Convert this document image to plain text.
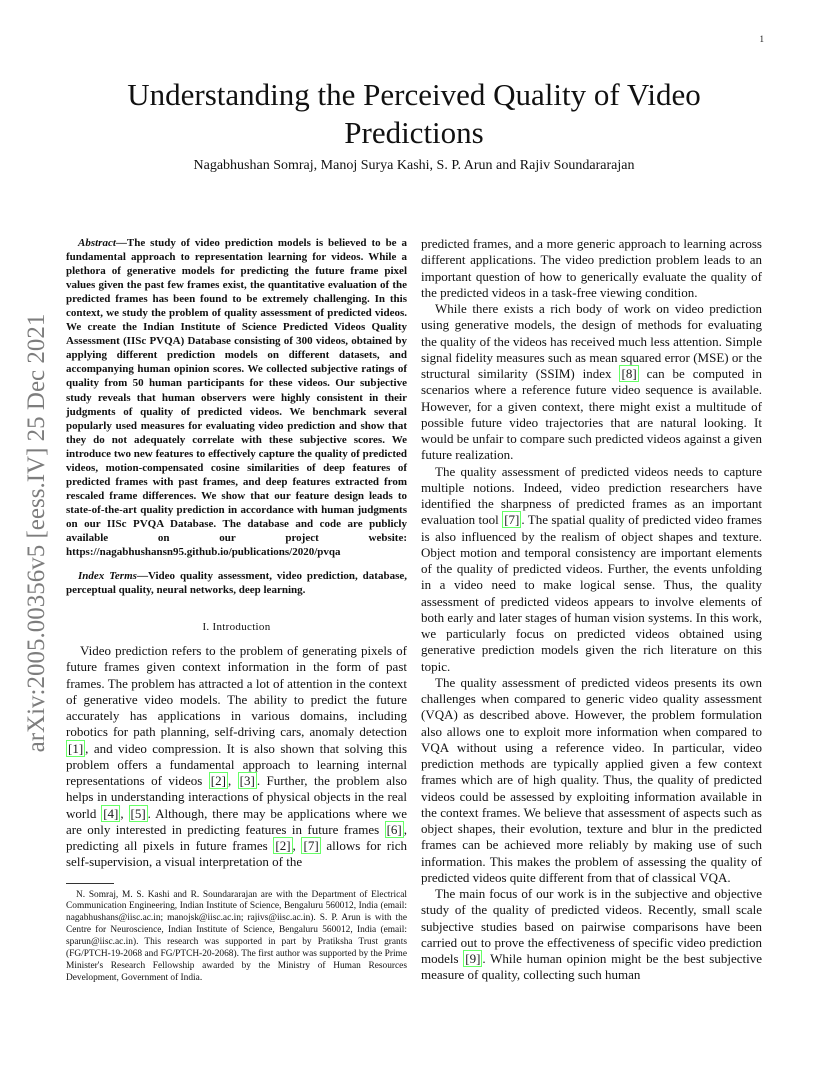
1
arXiv:2005.00356v5 [eess.IV] 25 Dec 2021
Understanding the Perceived Quality of Video
Predictions
Nagabhushan Somraj, Manoj Surya Kashi, S. P. Arun and Rajiv Soundararajan

Abstract—The study of video prediction models is believed to be a fundamental approach to representation learning for videos. While a plethora of generative models for predicting the future frame pixel values given the past few frames exist, the quantitative evaluation of the predicted frames has been found to be extremely challenging. In this context, we study the problem of quality assessment of predicted videos. We create the Indian Institute of Science Predicted Videos Quality Assessment (IISc PVQA) Database consisting of 300 videos, obtained by applying different prediction models on different datasets, and accompanying human opinion scores. We collected subjective ratings of quality from 50 human participants for these videos. Our subjective study reveals that human observers were highly consistent in their judgments of quality of predicted videos. We benchmark several popularly used measures for evaluating video prediction and show that they do not adequately correlate with these subjective scores. We introduce two new features to effectively capture the quality of predicted videos, motion-compensated cosine similarities of deep features of predicted frames with past frames, and deep features extracted from rescaled frame differences. We show that our feature design leads to state-of-the-art quality prediction in accordance with human judgments on our IISc PVQA Database. The database and code are publicly available on our project website: https://nagabhushansn95.github.io/publications/2020/pvqa

Index Terms—Video quality assessment, video prediction, database, perceptual quality, neural networks, deep learning.

I. Introduction

Video prediction refers to the problem of generating pixels of future frames given context information in the form of past frames. The problem has attracted a lot of attention in the context of generative video models. The ability to predict the future accurately has applications in various domains, including robotics for path planning, self-driving cars, anomaly detection [1] , and video compression. It is also shown that solving this problem offers a fundamental approach to learning internal representations of videos [2] , [3] . Further, the problem also helps in understanding interactions of physical objects in the real world [4] , [5] . Although, there may be applications where we are only interested in predicting features in future frames [6] , predicting all pixels in future frames [2] , [7] allows for rich self-supervision, a visual interpretation of the

N. Somraj, M. S. Kashi and R. Soundararajan are with the Department of Electrical Communication Engineering, Indian Institute of Science, Bengaluru 560012, India (email: nagabhushans@iisc.ac.in; manojsk@iisc.ac.in; rajivs@iisc.ac.in). S. P. Arun is with the Centre for Neuroscience, Indian Institute of Science, Bengaluru 560012, India (email: sparun@iisc.ac.in). This research was supported in part by Pratiksha Trust grants (FG/PTCH-19-2068 and FG/PTCH-20-2068). The first author was supported by the Prime Minister's Research Fellowship awarded by the Ministry of Human Resources Development, Government of India.

predicted frames, and a more generic approach to learning across different applications. The video prediction problem leads to an important question of how to generically evaluate the quality of the predicted videos in a task-free viewing condition.

While there exists a rich body of work on video prediction using generative models, the design of methods for evaluating the quality of the videos has received much less attention. Simple signal fidelity measures such as mean squared error (MSE) or the structural similarity (SSIM) index [8] can be computed in scenarios where a reference future video sequence is available. However, for a given context, there might exist a multitude of possible future video trajectories that are natural looking. It would be unfair to compare such predicted videos against a given future realization.

The quality assessment of predicted videos needs to capture multiple notions. Indeed, video prediction researchers have identified the sharpness of predicted frames as an important evaluation tool [7] . The spatial quality of predicted video frames is also influenced by the realism of object shapes and texture. Object motion and temporal consistency are important elements of the quality of predicted videos. Further, the events unfolding in a video need to make logical sense. Thus, the quality assessment of predicted videos appears to involve elements of both early and later stages of human vision systems. In this work, we particularly focus on predicted videos obtained using generative prediction models given the rich literature on this topic.

The quality assessment of predicted videos presents its own challenges when compared to generic video quality assessment (VQA) as described above. However, the problem formulation also allows one to exploit more information when compared to VQA without using a reference video. In particular, video prediction methods are typically applied given a few context frames which are of high quality. Thus, the quality of predicted videos could be assessed by exploiting information available in the context frames. We believe that assessment of aspects such as object shapes, their evolution, texture and blur in the predicted frames can be achieved more reliably by making use of such information. This makes the problem of assessing the quality of predicted videos quite different from that of classical VQA.

The main focus of our work is in the subjective and objective study of the quality of predicted videos. Recently, small scale subjective studies based on pairwise comparisons have been carried out to prove the effectiveness of specific video prediction models [9] . While human opinion might be the best subjective measure of quality, collecting such human
